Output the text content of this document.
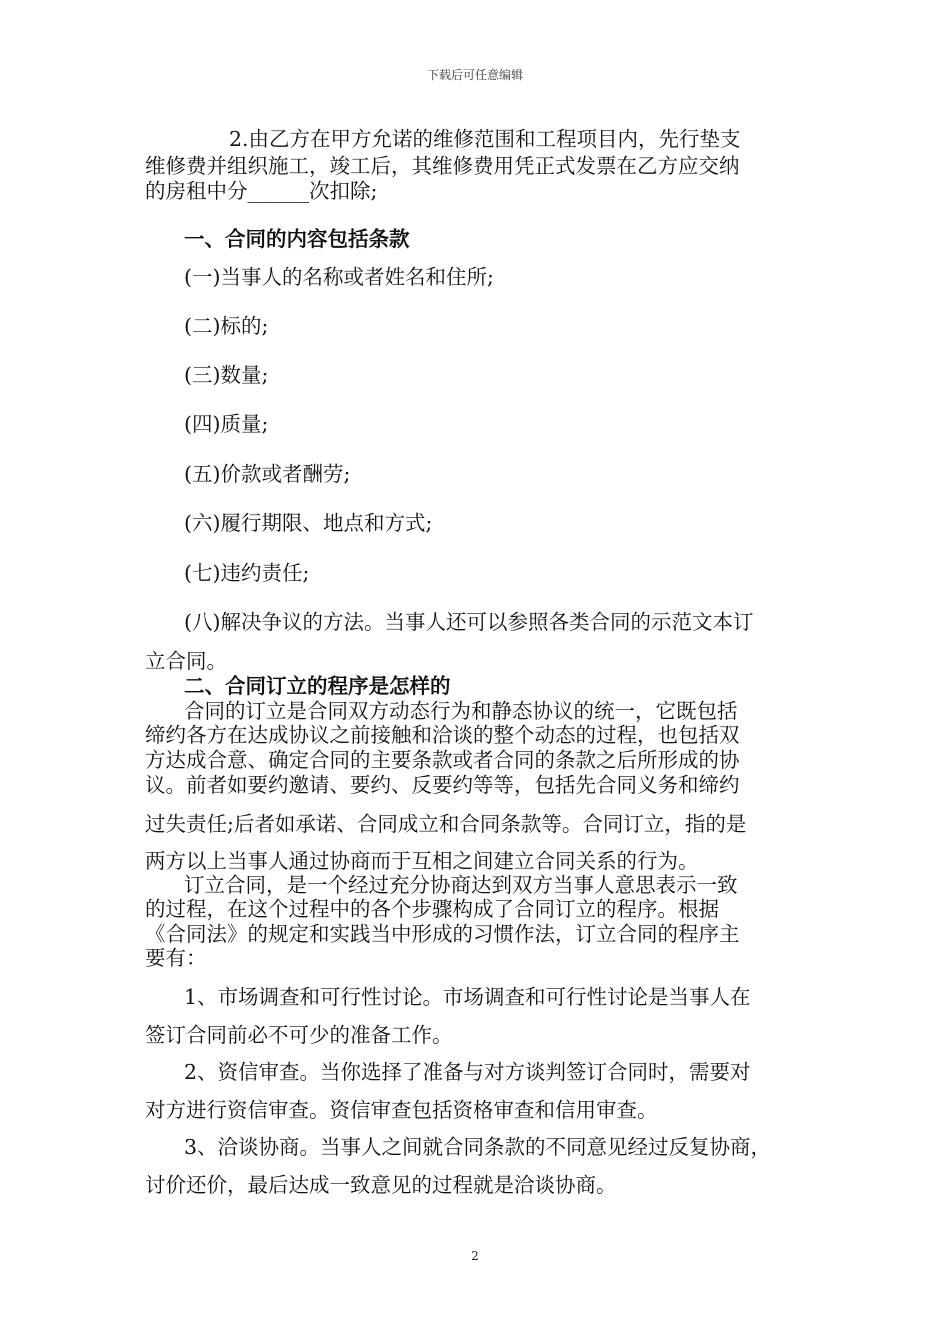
下载后可任意编辑
2.由乙方在甲方允诺的维修范围和工程项目内，先行垫支
维修费并组织施工，竣工后，其维修费用凭正式发票在乙方应交纳
的房租中分______次扣除;
一、合同的内容包括条款
(一)当事人的名称或者姓名和住所;
(二)标的;
(三)数量;
(四)质量;
(五)价款或者酬劳;
(六)履行期限、地点和方式;
(七)违约责任;
(八)解决争议的方法。当事人还可以参照各类合同的示范文本订
立合同。
二、合同订立的程序是怎样的
合同的订立是合同双方动态行为和静态协议的统一，它既包括
缔约各方在达成协议之前接触和洽谈的整个动态的过程，也包括双
方达成合意、确定合同的主要条款或者合同的条款之后所形成的协
议。前者如要约邀请、要约、反要约等等，包括先合同义务和缔约
过失责任;后者如承诺、合同成立和合同条款等。合同订立，指的是
两方以上当事人通过协商而于互相之间建立合同关系的行为。
订立合同，是一个经过充分协商达到双方当事人意思表示一致
的过程，在这个过程中的各个步骤构成了合同订立的程序。根据
《合同法》的规定和实践当中形成的习惯作法，订立合同的程序主
要有：
1、市场调查和可行性讨论。市场调查和可行性讨论是当事人在
签订合同前必不可少的准备工作。
2、资信审查。当你选择了准备与对方谈判签订合同时，需要对
对方进行资信审查。资信审查包括资格审查和信用审查。
3、洽谈协商。当事人之间就合同条款的不同意见经过反复协商，
讨价还价，最后达成一致意见的过程就是洽谈协商。
2
